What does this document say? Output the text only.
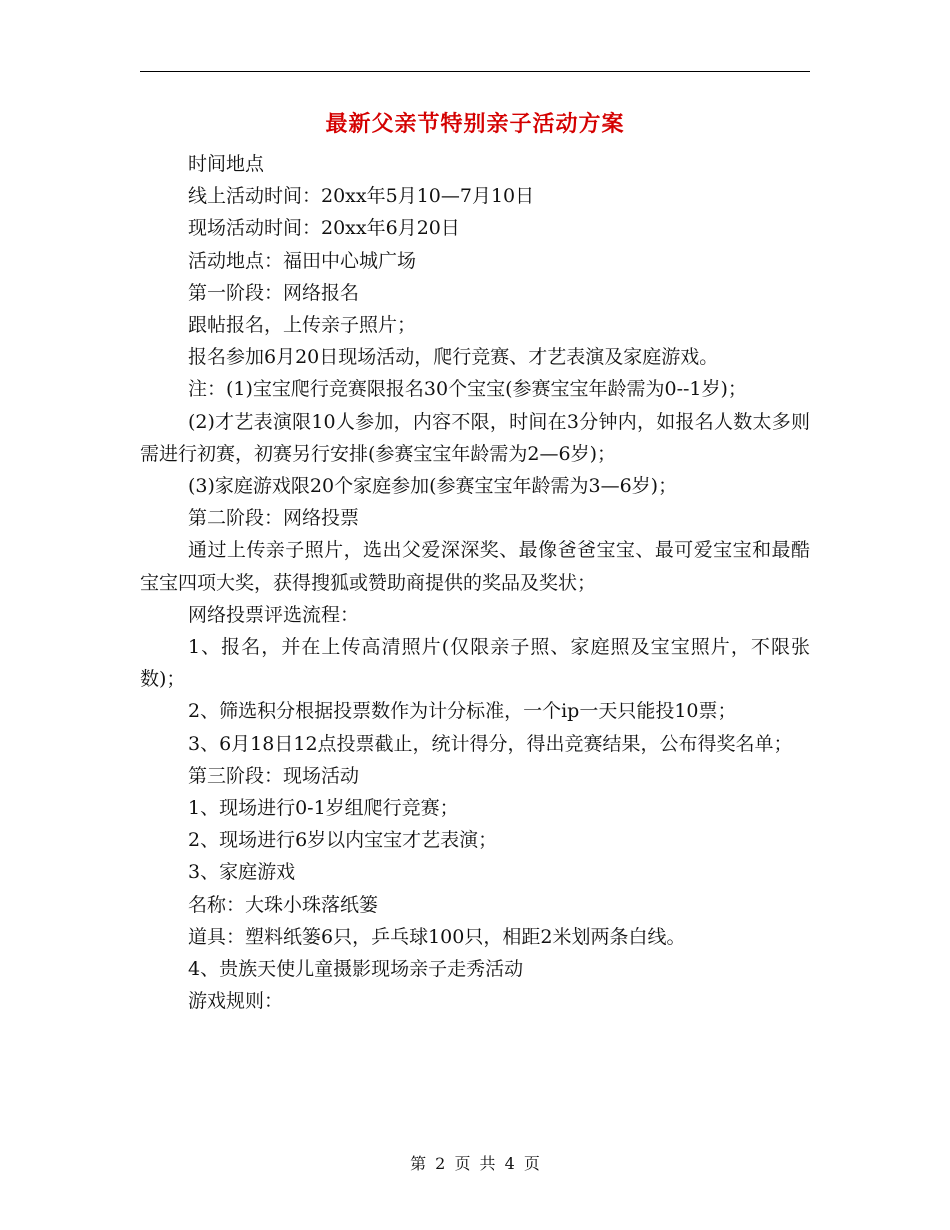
最新父亲节特别亲子活动方案

时间地点

线上活动时间：20xx年5月10—7月10日

现场活动时间：20xx年6月20日

活动地点：福田中心城广场

第一阶段：网络报名

跟帖报名，上传亲子照片；

报名参加6月20日现场活动，爬行竞赛、才艺表演及家庭游戏。

注：(1)宝宝爬行竞赛限报名30个宝宝(参赛宝宝年龄需为0--1岁)；

(2)才艺表演限10人参加，内容不限，时间在3分钟内，如报名人数太多则需进行初赛，初赛另行安排(参赛宝宝年龄需为2—6岁)；

(3)家庭游戏限20个家庭参加(参赛宝宝年龄需为3—6岁)；

第二阶段：网络投票

通过上传亲子照片，选出父爱深深奖、最像爸爸宝宝、最可爱宝宝和最酷宝宝四项大奖，获得搜狐或赞助商提供的奖品及奖状；

网络投票评选流程：

1、报名，并在上传高清照片(仅限亲子照、家庭照及宝宝照片，不限张数)；

2、筛选积分根据投票数作为计分标准，一个ip一天只能投10票；

3、6月18日12点投票截止，统计得分，得出竞赛结果，公布得奖名单；

第三阶段：现场活动

1、现场进行0-1岁组爬行竞赛；

2、现场进行6岁以内宝宝才艺表演；

3、家庭游戏

名称：大珠小珠落纸篓

道具：塑料纸篓6只，乒乓球100只，相距2米划两条白线。

4、贵族天使儿童摄影现场亲子走秀活动

游戏规则：

第 2 页 共 4 页
